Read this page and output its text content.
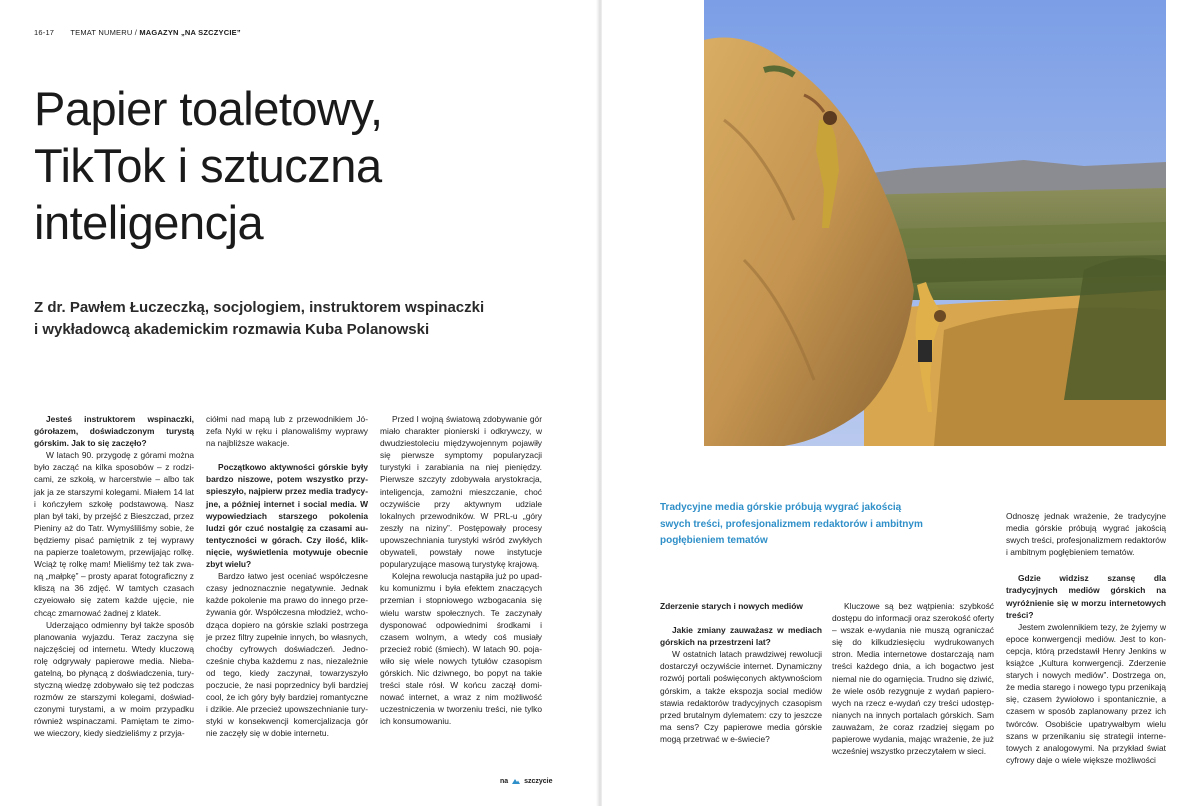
16-17 TEMAT NUMERU / MAGAZYN „NA SZCZYCIE”
Papier toaletowy,
TikTok i sztuczna
inteligencja
Z dr. Pawłem Łuczeczką, socjologiem, instruktorem wspinaczki
i wykładowcą akademickim rozmawia Kuba Polanowski

Jesteś instruktorem wspinaczki, górołazem, doświadczonym turystą górskim. Jak to się zaczęło?

W latach 90. przygodę z górami można było zacząć na kilka sposobów – z rodzicami, ze szkołą, w harcerstwie – albo tak jak ja ze starszymi kolegami. Miałem 14 lat i kończyłem szkołę podstawową. Nasz plan był taki, by przejść z Bieszczad, przez Pieniny aż do Tatr. Wymyśliliśmy sobie, że będziemy pisać pamiętnik z tej wyprawy na papierze toaletowym, przewijając rolkę. Wciąż tę rolkę mam! Mieliśmy też tak zwaną „małpkę” – prosty aparat fotograficzny z kliszą na 36 zdjęć. W tamtych czasach czyeiowało się zatem każde ujęcie, nie chcąc zmarnować żadnej z klatek.

Uderzająco odmienny był także sposób planowania wyjazdu. Teraz zaczyna się najczęściej od internetu. Wtedy kluczową rolę odgrywały papierowe media. Niebagatelną, bo płynącą z doświadczenia, turystyczną wiedzę zdobywało się też podczas rozmów ze starszymi kolegami, doświadczonymi turystami, a w moim przypadku również wspinaczami. Pamiętam te zimowe wieczory, kiedy siedzieliśmy z przyja-

ciółmi nad mapą lub z przewodnikiem Józefa Nyki w ręku i planowaliśmy wyprawy na najbliższe wakacje.

Początkowo aktywności górskie były bardzo niszowe, potem wszystko przyspieszyło, najpierw przez media tradycyjne, a później internet i social media. W wypowiedziach starszego pokolenia ludzi gór czuć nostalgię za czasami autentyczności w górach. Czy ilość, kliknięcie, wyświetlenia motywuje obecnie zbyt wielu?

Bardzo łatwo jest oceniać współczesne czasy jednoznacznie negatywnie. Jednak każde pokolenie ma prawo do innego przeżywania gór. Współczesna młodzież, wchodząca dopiero na górskie szlaki postrzega je przez filtry zupełnie innych, bo własnych, choćby cyfrowych doświadczeń. Jednocześnie chyba każdemu z nas, niezależnie od tego, kiedy zaczynał, towarzyszyło poczucie, że nasi poprzednicy byli bardziej cool, że ich góry były bardziej romantyczne i dzikie. Ale przecież upowszechnianie turystyki w konsekwencji komercjalizacja gór nie zaczęły się w dobie internetu.

Przed I wojną światową zdobywanie gór miało charakter pionierski i odkrywczy, w dwudziestoleciu międzywojennym pojawiły się pierwsze symptomy popularyzacji turystyki i zarabiania na niej pieniędzy. Pierwsze szczyty zdobywała arystokracja, inteligencja, zamożni mieszczanie, choć oczywiście przy aktywnym udziale lokalnych przewodników. W PRL-u „góry zeszły na niziny”. Postępowały procesy upowszechniania turystyki wśród zwykłych obywateli, powstały nowe instytucje popularyzujące masową turystykę krajową.

Kolejna rewolucja nastąpiła już po upadku komunizmu i była efektem znaczących przemian i stopniowego wzbogacania się wielu warstw społecznych. Te zaczynały dysponować odpowiednimi środkami i czasem wolnym, a wtedy coś musiały przecież robić (śmiech). W latach 90. pojawiło się wiele nowych tytułów czasopism górskich. Nic dziwnego, bo popyt na takie treści stale rósł. W końcu zaczął dominować internet, a wraz z nim możliwość uczestniczenia w tworzeniu treści, nie tylko ich konsumowaniu.

na szczycie
Tradycyjne media górskie próbują wygrać jakością
swych treści, profesjonalizmem redaktorów i ambitnym
pogłębieniem tematów
Zderzenie starych i nowych mediów

Jakie zmiany zauważasz w mediach górskich na przestrzeni lat?

W ostatnich latach prawdziwej rewolucji dostarczył oczywiście internet. Dynamiczny rozwój portali poświęconych aktywnościom górskim, a także ekspozja social mediów stawia redaktorów tradycyjnych czasopism przed brutalnym dylematem: czy to jeszcze ma sens? Czy papierowe media górskie mogą przetrwać w e-świecie?

Kluczowe są bez wątpienia: szybkość dostępu do informacji oraz szerokość oferty – wszak e-wydania nie muszą ograniczać się do kilkudziesięciu wydrukowanych stron. Media internetowe dostarczają nam treści każdego dnia, a ich bogactwo jest niemal nie do ogarnięcia. Trudno się dziwić, że wiele osób rezygnuje z wydań papierowych na rzecz e-wydań czy treści udostępnianych na innych portalach górskich. Sam zauważam, że coraz rzadziej sięgam po papierowe wydania, mając wrażenie, że już wcześniej wszystko przeczytałem w sieci.

Odnoszę jednak wrażenie, że tradycyjne media górskie próbują wygrać jakością swych treści, profesjonalizmem redaktorów i ambitnym pogłębieniem tematów.

Gdzie widzisz szansę dla tradycyjnych mediów górskich na wyróżnienie się w morzu internetowych treści?

Jestem zwolennikiem tezy, że żyjemy w epoce konwergencji mediów. Jest to koncepcja, którą przedstawił Henry Jenkins w książce „Kultura konwergencji. Zderzenie starych i nowych mediów”. Dostrzega on, że media starego i nowego typu przenikają się, czasem żywiołowo i spontanicznie, a czasem w sposób zaplanowany przez ich twórców. Osobiście upatrywałbym wielu szans w przenikaniu się strategii internetowych z analogowymi. Na przykład świat cyfrowy daje o wiele większe możliwości
